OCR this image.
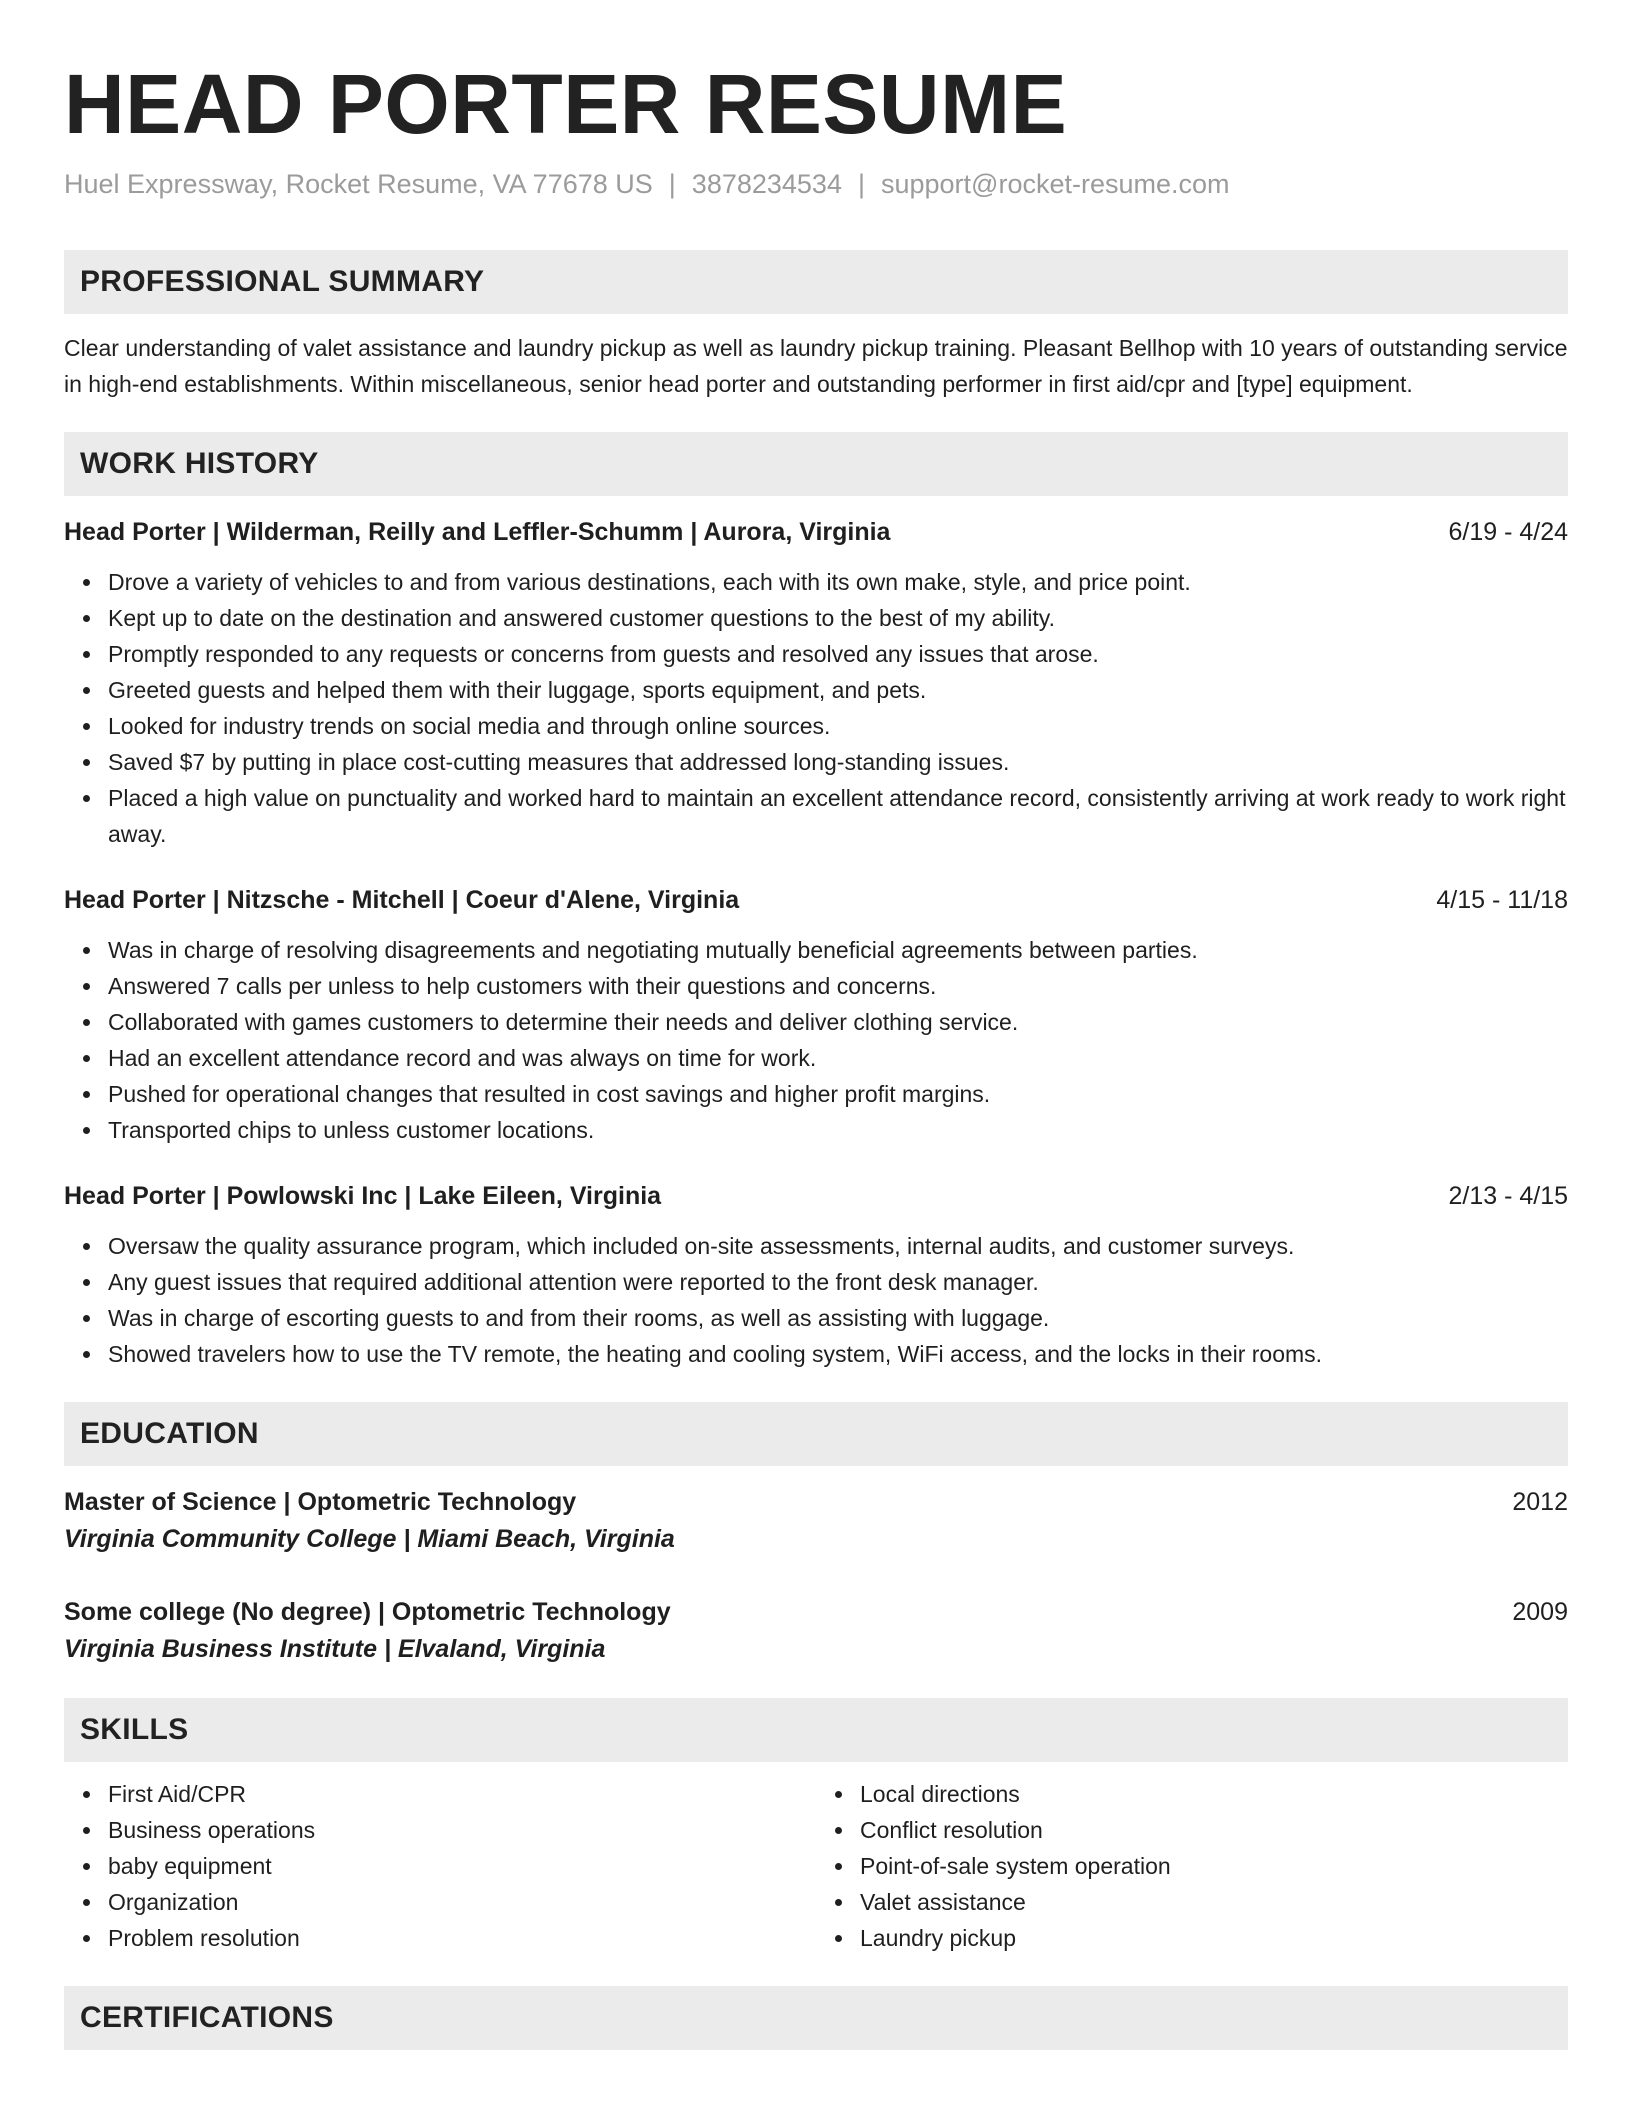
HEAD PORTER RESUME
Huel Expressway, Rocket Resume, VA 77678 US | 3878234534 | support@rocket-resume.com
PROFESSIONAL SUMMARY
Clear understanding of valet assistance and laundry pickup as well as laundry pickup training. Pleasant Bellhop with 10 years of outstanding service in high-end establishments. Within miscellaneous, senior head porter and outstanding performer in first aid/cpr and [type] equipment.
WORK HISTORY
Head Porter | Wilderman, Reilly and Leffler-Schumm | Aurora, Virginia	6/19 - 4/24
Drove a variety of vehicles to and from various destinations, each with its own make, style, and price point.
Kept up to date on the destination and answered customer questions to the best of my ability.
Promptly responded to any requests or concerns from guests and resolved any issues that arose.
Greeted guests and helped them with their luggage, sports equipment, and pets.
Looked for industry trends on social media and through online sources.
Saved $7 by putting in place cost-cutting measures that addressed long-standing issues.
Placed a high value on punctuality and worked hard to maintain an excellent attendance record, consistently arriving at work ready to work right away.
Head Porter | Nitzsche - Mitchell | Coeur d'Alene, Virginia	4/15 - 11/18
Was in charge of resolving disagreements and negotiating mutually beneficial agreements between parties.
Answered 7 calls per unless to help customers with their questions and concerns.
Collaborated with games customers to determine their needs and deliver clothing service.
Had an excellent attendance record and was always on time for work.
Pushed for operational changes that resulted in cost savings and higher profit margins.
Transported chips to unless customer locations.
Head Porter | Powlowski Inc | Lake Eileen, Virginia	2/13 - 4/15
Oversaw the quality assurance program, which included on-site assessments, internal audits, and customer surveys.
Any guest issues that required additional attention were reported to the front desk manager.
Was in charge of escorting guests to and from their rooms, as well as assisting with luggage.
Showed travelers how to use the TV remote, the heating and cooling system, WiFi access, and the locks in their rooms.
EDUCATION
Master of Science | Optometric Technology	2012
Virginia Community College | Miami Beach, Virginia
Some college (No degree) | Optometric Technology	2009
Virginia Business Institute | Elvaland, Virginia
SKILLS
First Aid/CPR
Business operations
baby equipment
Organization
Problem resolution
Local directions
Conflict resolution
Point-of-sale system operation
Valet assistance
Laundry pickup
CERTIFICATIONS
